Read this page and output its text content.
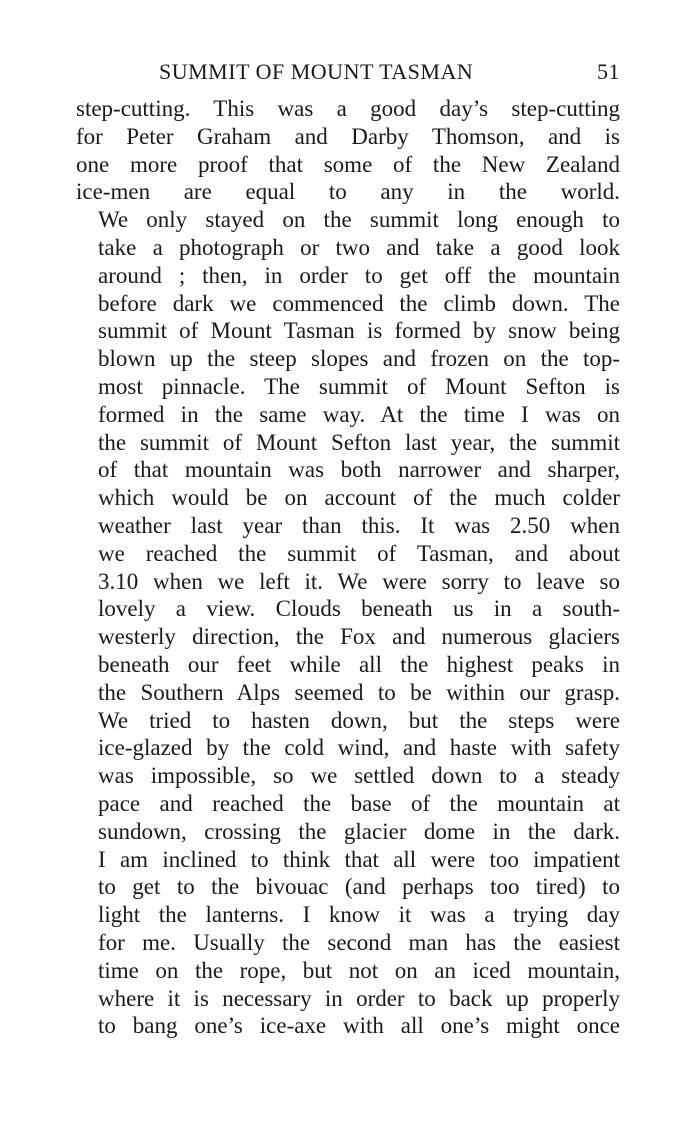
SUMMIT OF MOUNT TASMAN	51

step-cutting. This was a good day’s step-cutting
for Peter Graham and Darby Thomson, and is
one more proof that some of the New Zealand
ice-men are equal to any in the world.

We only stayed on the summit long enough to
take a photograph or two and take a good look
around ; then, in order to get off the mountain
before dark we commenced the climb down. The
summit of Mount Tasman is formed by snow being
blown up the steep slopes and frozen on the top-
most pinnacle. The summit of Mount Sefton is
formed in the same way. At the time I was on
the summit of Mount Sefton last year, the summit
of that mountain was both narrower and sharper,
which would be on account of the much colder
weather last year than this. It was 2.50 when
we reached the summit of Tasman, and about
3.10 when we left it. We were sorry to leave so
lovely a view. Clouds beneath us in a south-
westerly direction, the Fox and numerous glaciers
beneath our feet while all the highest peaks in
the Southern Alps seemed to be within our grasp.

We tried to hasten down, but the steps were
ice-glazed by the cold wind, and haste with safety
was impossible, so we settled down to a steady
pace and reached the base of the mountain at
sundown, crossing the glacier dome in the dark.
I am inclined to think that all were too impatient
to get to the bivouac (and perhaps too tired) to
light the lanterns. I know it was a trying day
for me. Usually the second man has the easiest
time on the rope, but not on an iced mountain,
where it is necessary in order to back up properly
to bang one’s ice-axe with all one’s might once
